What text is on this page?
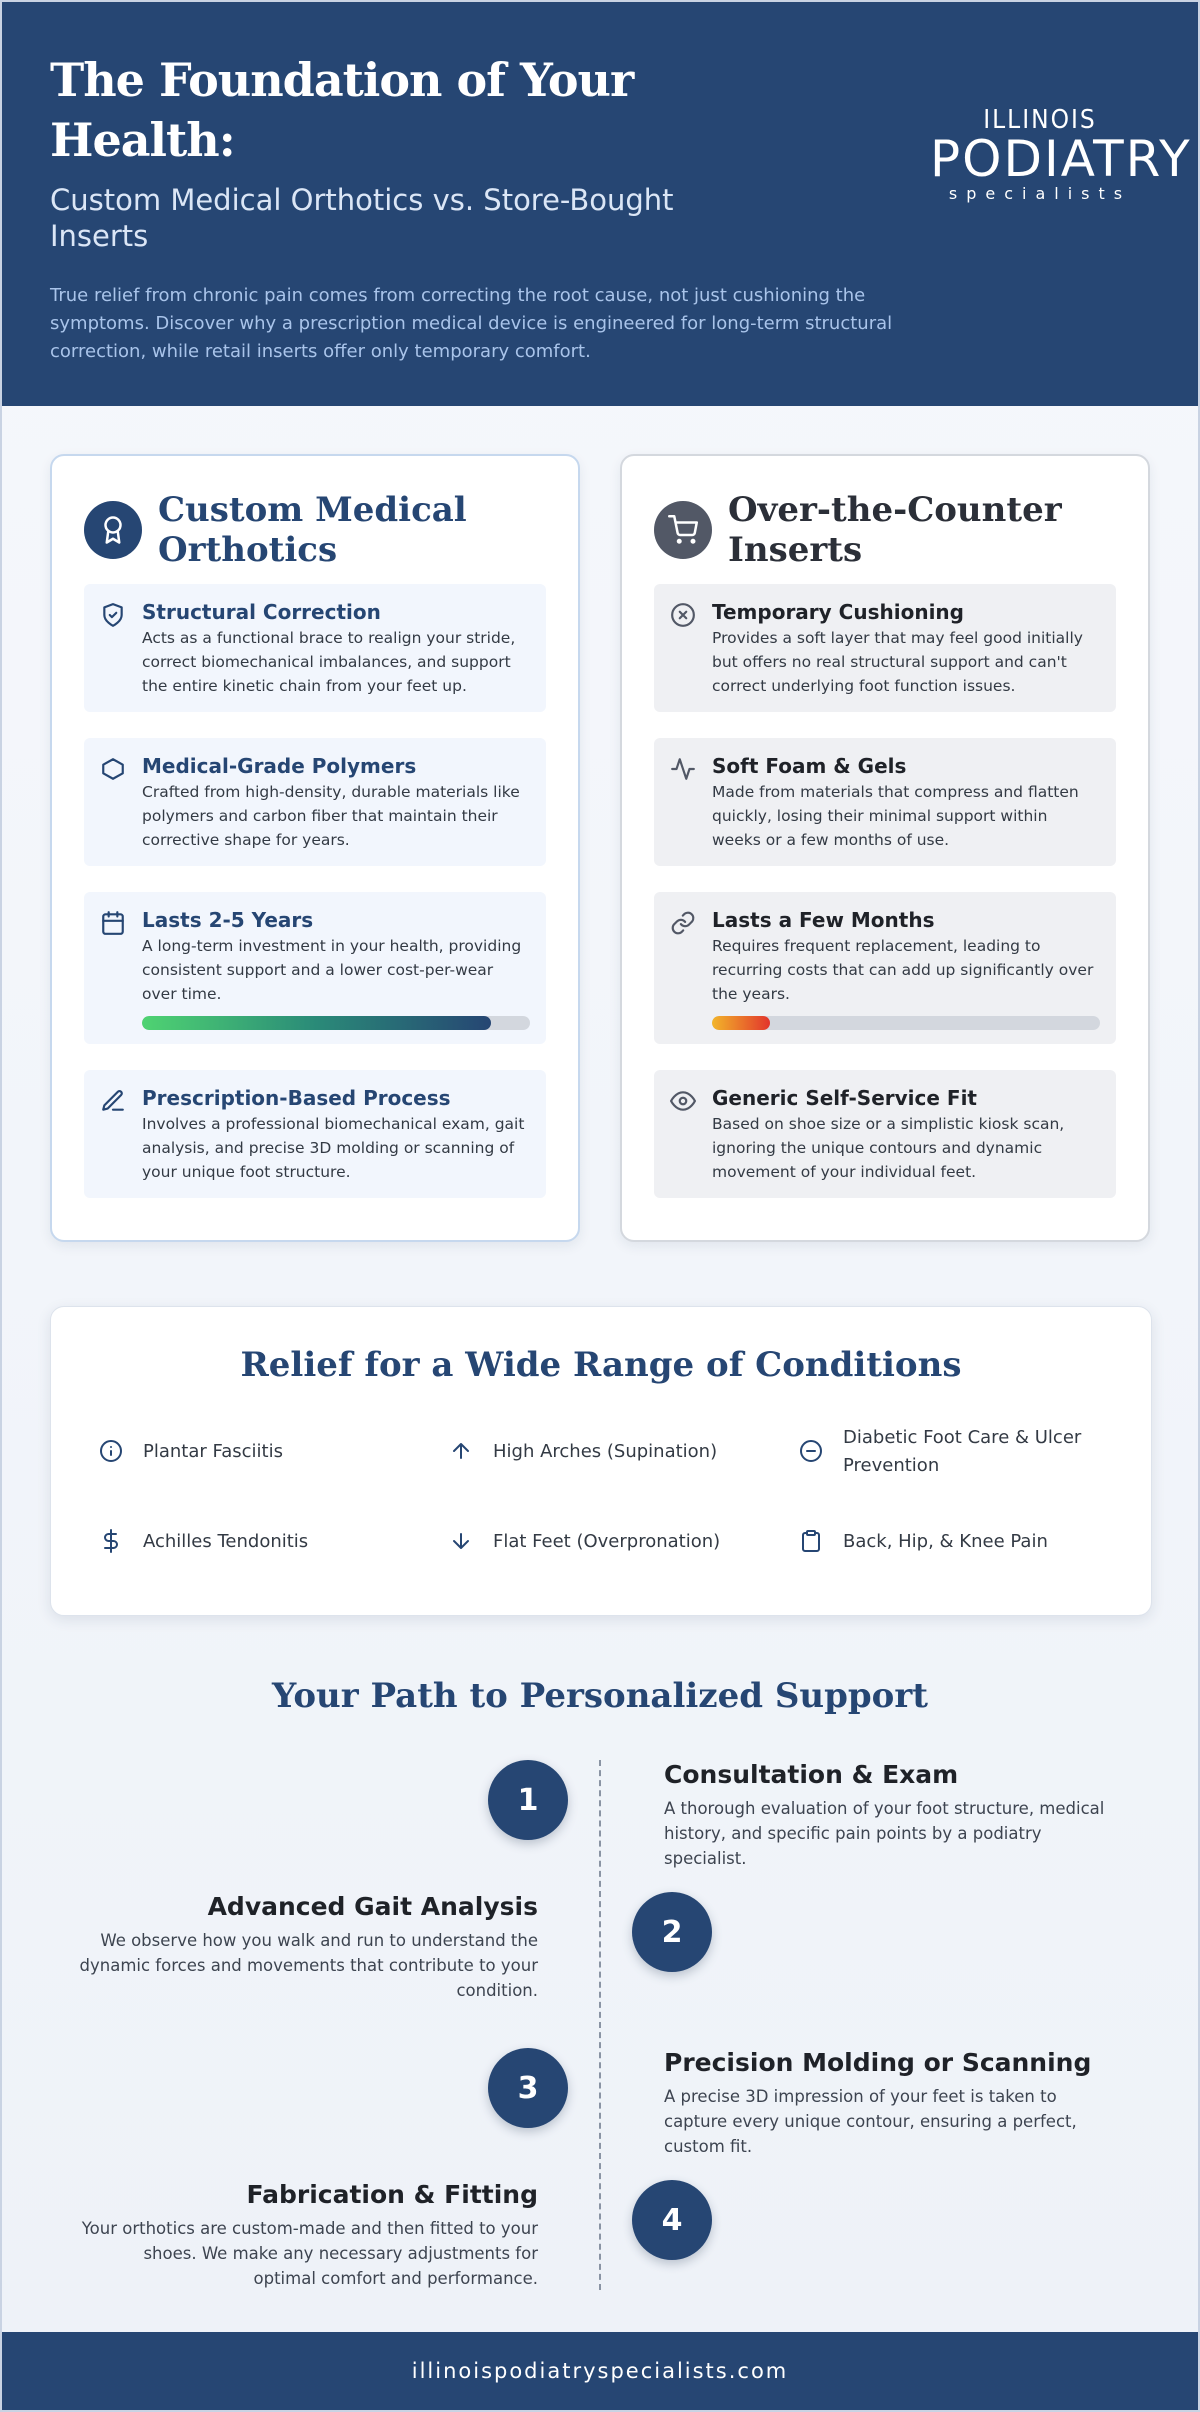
The Foundation of Your Health:
Custom Medical Orthotics vs. Store-Bought Inserts

True relief from chronic pain comes from correcting the root cause, not just cushioning the symptoms. Discover why a prescription medical device is engineered for long-term structural correction, while retail inserts offer only temporary comfort.

ILLINOIS
PODIATRY
specialists
Custom Medical Orthotics
Structural Correction

Acts as a functional brace to realign your stride, correct biomechanical imbalances, and support the entire kinetic chain from your feet up.

Medical-Grade Polymers

Crafted from high-density, durable materials like polymers and carbon fiber that maintain their corrective shape for years.

Lasts 2-5 Years

A long-term investment in your health, providing consistent support and a lower cost-per-wear over time.

Prescription-Based Process

Involves a professional biomechanical exam, gait analysis, and precise 3D molding or scanning of your unique foot structure.

Over-the-Counter Inserts
Temporary Cushioning

Provides a soft layer that may feel good initially but offers no real structural support and can't correct underlying foot function issues.

Soft Foam & Gels

Made from materials that compress and flatten quickly, losing their minimal support within weeks or a few months of use.

Lasts a Few Months

Requires frequent replacement, leading to recurring costs that can add up significantly over the years.

Generic Self-Service Fit

Based on shoe size or a simplistic kiosk scan, ignoring the unique contours and dynamic movement of your individual feet.

Relief for a Wide Range of Conditions
Plantar Fasciitis	High Arches (Supination)
Diabetic Foot Care & Ulcer Prevention
Achilles Tendonitis	Flat Feet (Overpronation)	Back, Hip, & Knee Pain
Your Path to Personalized Support
1
Consultation & Exam

A thorough evaluation of your foot structure, medical history, and specific pain points by a podiatry specialist.

2
Advanced Gait Analysis

We observe how you walk and run to understand the dynamic forces and movements that contribute to your condition.

3
Precision Molding or Scanning

A precise 3D impression of your feet is taken to capture every unique contour, ensuring a perfect, custom fit.

4
Fabrication & Fitting

Your orthotics are custom-made and then fitted to your shoes. We make any necessary adjustments for optimal comfort and performance.

illinoispodiatryspecialists.com
